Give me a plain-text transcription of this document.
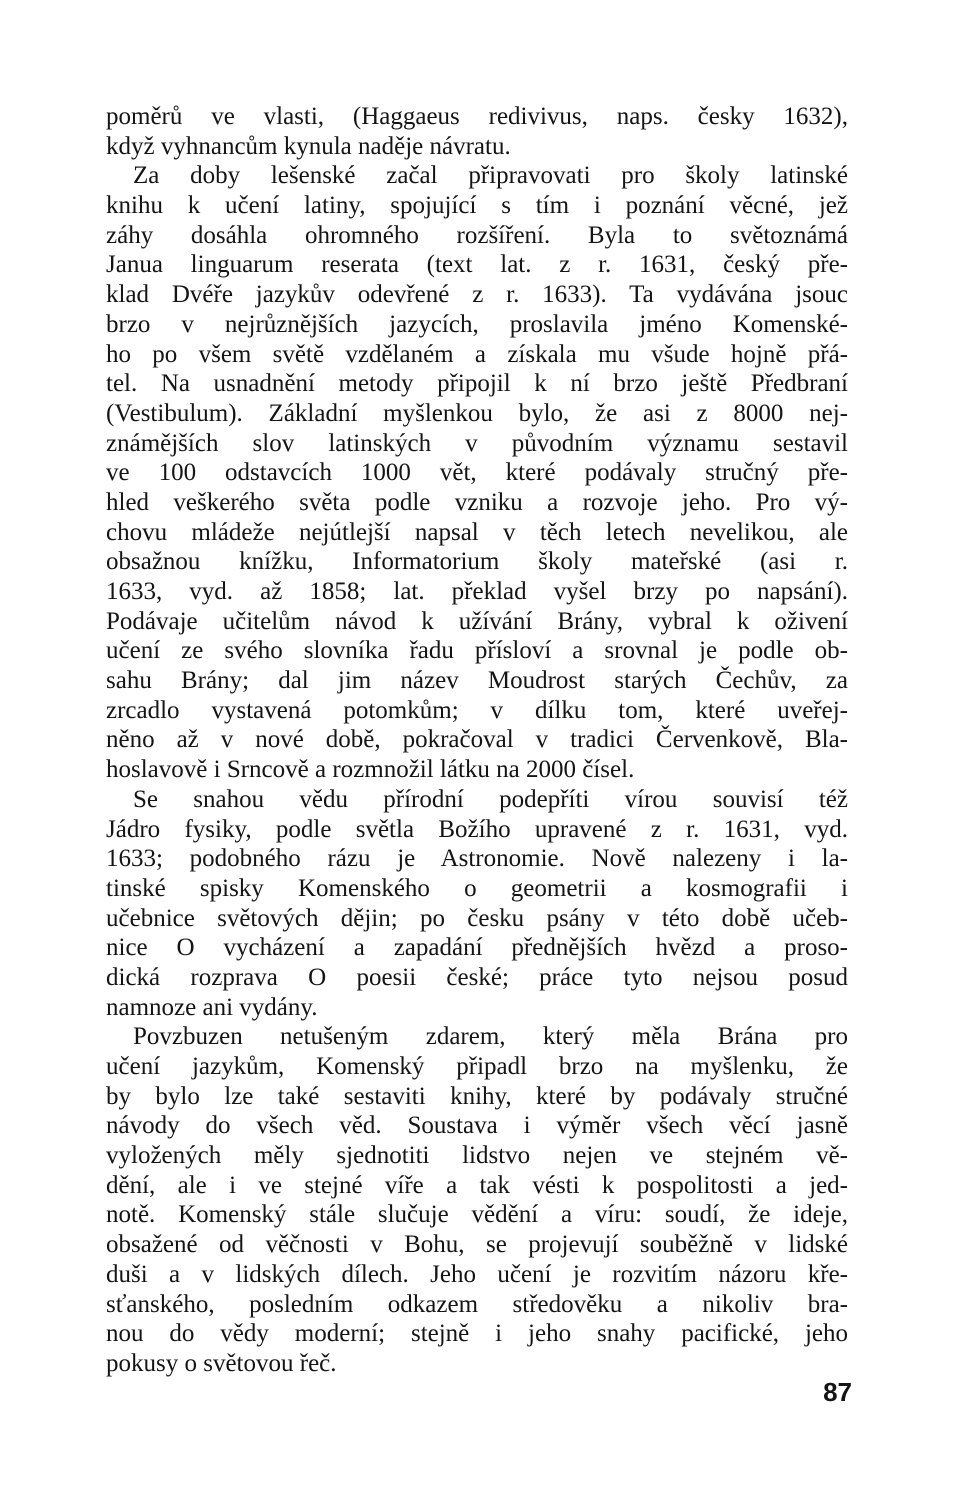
poměrů ve vlasti, (Haggaeus redivivus, naps. česky 1632),
když vyhnancům kynula naděje návratu.
Za doby lešenské začal připravovati pro školy latinské
knihu k učení latiny, spojující s tím i poznání věcné, jež
záhy dosáhla ohromného rozšíření. Byla to světoznámá
Janua linguarum reserata (text lat. z r. 1631, český pře-
klad Dvéře jazykův odevřené z r. 1633). Ta vydávána jsouc
brzo v nejrůznějších jazycích, proslavila jméno Komenské-
ho po všem světě vzdělaném a získala mu všude hojně přá-
tel. Na usnadnění metody připojil k ní brzo ještě Předbraní
(Vestibulum). Základní myšlenkou bylo, že asi z 8000 nej-
známějších slov latinských v původním významu sestavil
ve 100 odstavcích 1000 vět, které podávaly stručný pře-
hled veškerého světa podle vzniku a rozvoje jeho. Pro vý-
chovu mládeže nejútlejší napsal v těch letech nevelikou, ale
obsažnou knížku, Informatorium školy mateřské (asi r.
1633, vyd. až 1858; lat. překlad vyšel brzy po napsání).
Podávaje učitelům návod k užívání Brány, vybral k oživení
učení ze svého slovníka řadu přísloví a srovnal je podle ob-
sahu Brány; dal jim název Moudrost starých Čechův, za
zrcadlo vystavená potomkům; v dílku tom, které uveřej-
něno až v nové době, pokračoval v tradici Červenkově, Bla-
hoslavově i Srncově a rozmnožil látku na 2000 čísel.
Se snahou vědu přírodní podepříti vírou souvisí též
Jádro fysiky, podle světla Božího upravené z r. 1631, vyd.
1633; podobného rázu je Astronomie. Nově nalezeny i la-
tinské spisky Komenského o geometrii a kosmografii i
učebnice světových dějin; po česku psány v této době učeb-
nice O vycházení a zapadání přednějších hvězd a proso-
dická rozprava O poesii české; práce tyto nejsou posud
namnoze ani vydány.
Povzbuzen netušeným zdarem, který měla Brána pro
učení jazykům, Komenský připadl brzo na myšlenku, že
by bylo lze také sestaviti knihy, které by podávaly stručné
návody do všech věd. Soustava i výměr všech věcí jasně
vyložených měly sjednotiti lidstvo nejen ve stejném vě-
dění, ale i ve stejné víře a tak vésti k pospolitosti a jed-
notě. Komenský stále slučuje vědění a víru: soudí, že ideje,
obsažené od věčnosti v Bohu, se projevují souběžně v lidské
duši a v lidských dílech. Jeho učení je rozvitím názoru kře-
sťanského, posledním odkazem středověku a nikoliv bra-
nou do vědy moderní; stejně i jeho snahy pacifické, jeho
pokusy o světovou řeč.
87
